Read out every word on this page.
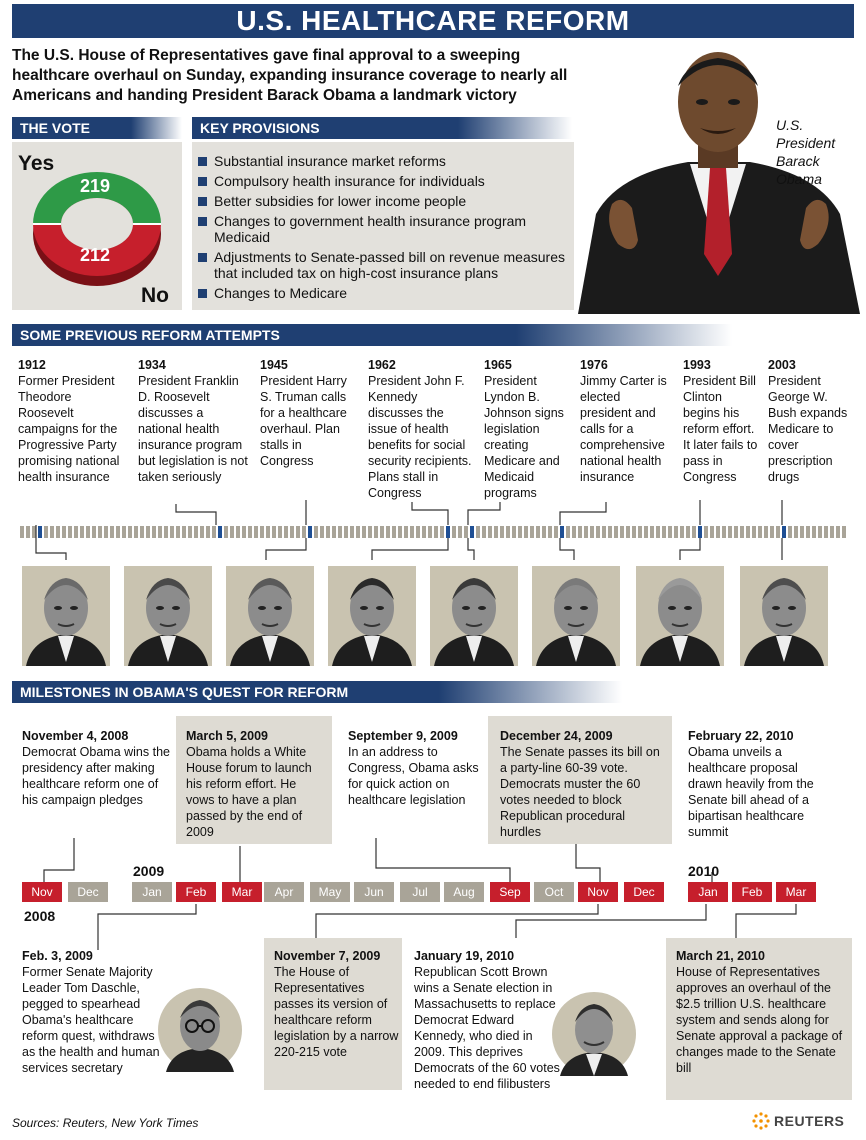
U.S. HEALTHCARE REFORM
The U.S. House of Representatives gave final approval to a sweeping healthcare overhaul on Sunday, expanding insurance coverage to nearly all Americans and handing President Barack Obama a landmark victory
U.S. President Barack Obama
THE VOTE
Yes
No
219
212
KEY PROVISIONS
Substantial insurance market reforms
Compulsory health insurance for individuals
Better subsidies for lower income people
Changes to government health insurance program Medicaid
Adjustments to Senate-passed bill on revenue measures that included tax on high-cost insurance plans
Changes to Medicare
SOME PREVIOUS REFORM ATTEMPTS
1912
Former President Theodore Roosevelt campaigns for the Progressive Party promising national health insurance
1934
President Franklin D. Roosevelt discusses a national health insurance program but legislation is not taken seriously
1945
President Harry S. Truman calls for a healthcare overhaul. Plan stalls in Congress
1962
President John F. Kennedy discusses the issue of health benefits for social security recipients. Plans stall in Congress
1965
President Lyndon B. Johnson signs legislation creating Medicare and Medicaid programs
1976
Jimmy Carter is elected president and calls for a comprehensive national health insurance
1993
President Bill Clinton begins his reform effort. It later fails to pass in Congress
2003
President George W. Bush expands Medicare to cover prescription drugs
MILESTONES IN OBAMA'S QUEST FOR REFORM
November 4, 2008
Democrat Obama wins the presidency after making healthcare reform one of his campaign pledges
March 5, 2009
Obama holds a White House forum to launch his reform effort. He vows to have a plan passed by the end of 2009
September 9, 2009
In an address to Congress, Obama asks for quick action on healthcare legislation
December 24, 2009
The Senate passes its bill on a party-line 60-39 vote. Democrats muster the 60 votes needed to block Republican procedural hurdles
February 22, 2010
Obama unveils a healthcare proposal drawn heavily from the Senate bill ahead of a bipartisan healthcare summit
2009	2010
2008
Nov	Dec	Jan	Feb	Mar	Apr	May	Jun	Jul	Aug	Sep	Oct	Nov	Dec	Jan	Feb	Mar
Feb. 3, 2009
Former Senate Majority Leader Tom Daschle, pegged to spearhead Obama's healthcare reform quest, withdraws as the health and human services secretary
November 7, 2009
The House of Representatives passes its version of healthcare reform legislation by a narrow 220-215 vote
January 19, 2010
Republican Scott Brown wins a Senate election in Massachusetts to replace Democrat Edward Kennedy, who died in 2009. This deprives Democrats of the 60 votes needed to end filibusters
March 21, 2010
House of Representatives approves an overhaul of the $2.5 trillion U.S. healthcare system and sends along for Senate approval a package of changes made to the Senate bill
Sources: Reuters, New York Times	REUTERS
